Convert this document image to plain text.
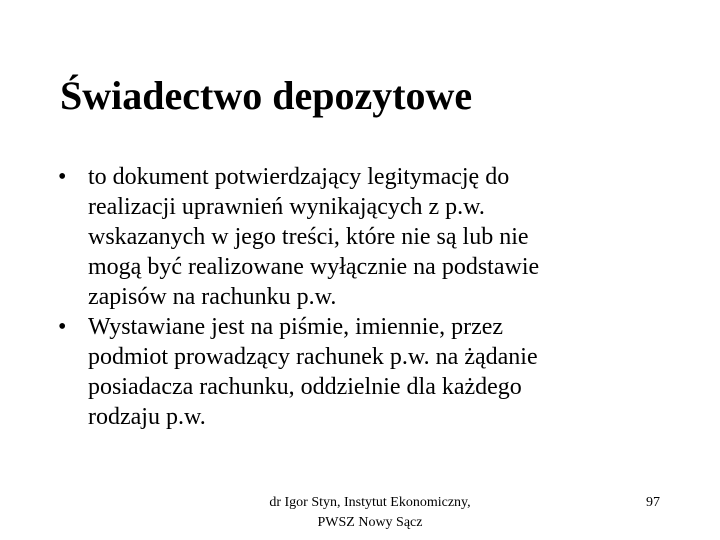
Świadectwo depozytowe
• to dokument potwierdzający legitymację do
realizacji uprawnień wynikających z p.w.
wskazanych w jego treści, które nie są lub nie
mogą być realizowane wyłącznie na podstawie
zapisów na rachunku p.w.
• Wystawiane jest na piśmie, imiennie, przez
podmiot prowadzący rachunek p.w. na żądanie
posiadacza rachunku, oddzielnie dla każdego
rodzaju p.w.
dr Igor Styn, Instytut Ekonomiczny,
PWSZ Nowy Sącz
97
